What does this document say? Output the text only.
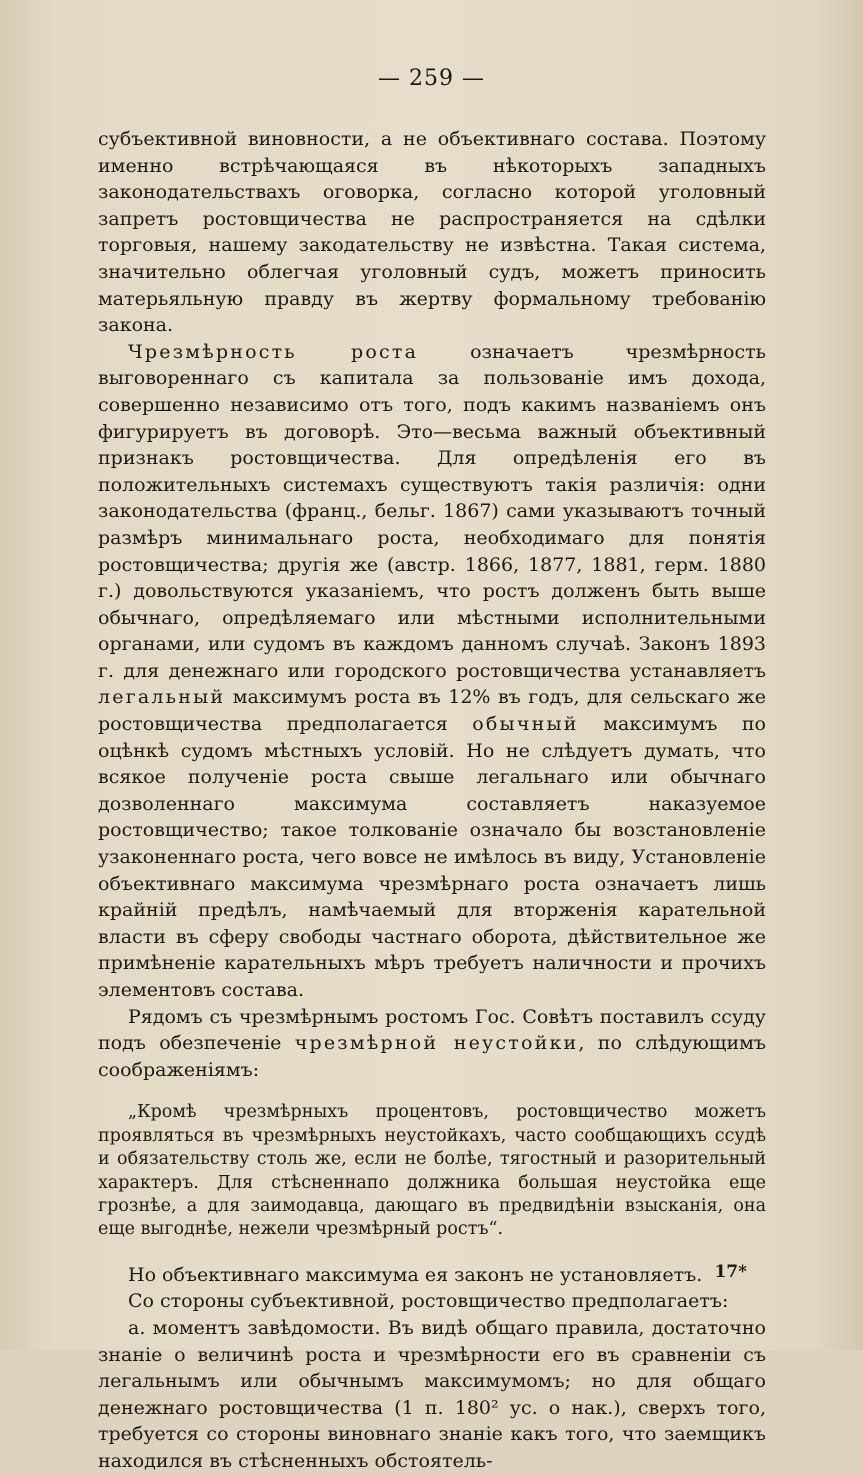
— 259 —

субъективной виновности, а не объективнаго состава. Поэтому именно встрѣчающаяся въ нѣкоторыхъ западныхъ законодательствахъ оговорка, согласно которой уголовный запретъ ростовщичества не распространяется на сдѣлки торговыя, нашему закодательству не извѣстна. Такая система, значительно облегчая уголовный судъ, можетъ приносить матерьяльную правду въ жертву формальному требованію закона.

Чрезмѣрность роста означаетъ чрезмѣрность выговореннаго съ капитала за пользованіе имъ дохода, совершенно независимо отъ того, подъ какимъ названіемъ онъ фигурируетъ въ договорѣ. Это—весьма важный объективный признакъ ростовщичества. Для опредѣленія его въ положительныхъ системахъ существуютъ такія различія: одни законодательства (франц., бельг. 1867) сами указываютъ точный размѣръ минимальнаго роста, необходимаго для понятія ростовщичества; другія же (австр. 1866, 1877, 1881, герм. 1880 г.) довольствуются указаніемъ, что ростъ долженъ быть выше обычнаго, опредѣляемаго или мѣстными исполнительными органами, или судомъ въ каждомъ данномъ случаѣ. Законъ 1893 г. для денежнаго или городского ростовщичества устанавляетъ легальный максимумъ роста въ 12% въ годъ, для сельскаго же ростовщичества предполагается обычный максимумъ по оцѣнкѣ судомъ мѣстныхъ условій. Но не слѣдуетъ думать, что всякое полученіе роста свыше легальнаго или обычнаго дозволеннаго максимума составляетъ наказуемое ростовщичество; такое толкованіе означало бы возстановленіе узаконеннаго роста, чего вовсе не имѣлось въ виду, Установленіе объективнаго максимума чрезмѣрнаго роста означаетъ лишь крайній предѣлъ, намѣчаемый для вторженія карательной власти въ сферу свободы частнаго оборота, дѣйствительное же примѣненіе карательныхъ мѣръ требуетъ наличности и прочихъ элементовъ состава.

Рядомъ съ чрезмѣрнымъ ростомъ Гос. Совѣтъ поставилъ ссуду подъ обезпеченіе чрезмѣрной неустойки, по слѣдующимъ соображеніямъ:

„Кромѣ чрезмѣрныхъ процентовъ, ростовщичество можетъ проявляться въ чрезмѣрныхъ неустойкахъ, часто сообщающихъ ссудѣ и обязательству столь же, если не болѣе, тягостный и разорительный характеръ. Для стѣсненнапо должника большая неустойка еще грознѣе, а для заимодавца, дающаго въ предвидѣніи взысканія, она еще выгоднѣе, нежели чрезмѣрный ростъ“.

Но объективнаго максимума ея законъ не установляетъ.

Со стороны субъективной, ростовщичество предполагаетъ:

а. моментъ завѣдомости. Въ видѣ общаго правила, достаточно знаніе о величинѣ роста и чрезмѣрности его въ сравненіи съ легальнымъ или обычнымъ максимумомъ; но для общаго денежнаго ростовщичества (1 п. 180² ус. о нак.), сверхъ того, требуется со стороны виновнаго знаніе какъ того, что заемщикъ находился въ стѣсненныхъ обстоятель-

17*
